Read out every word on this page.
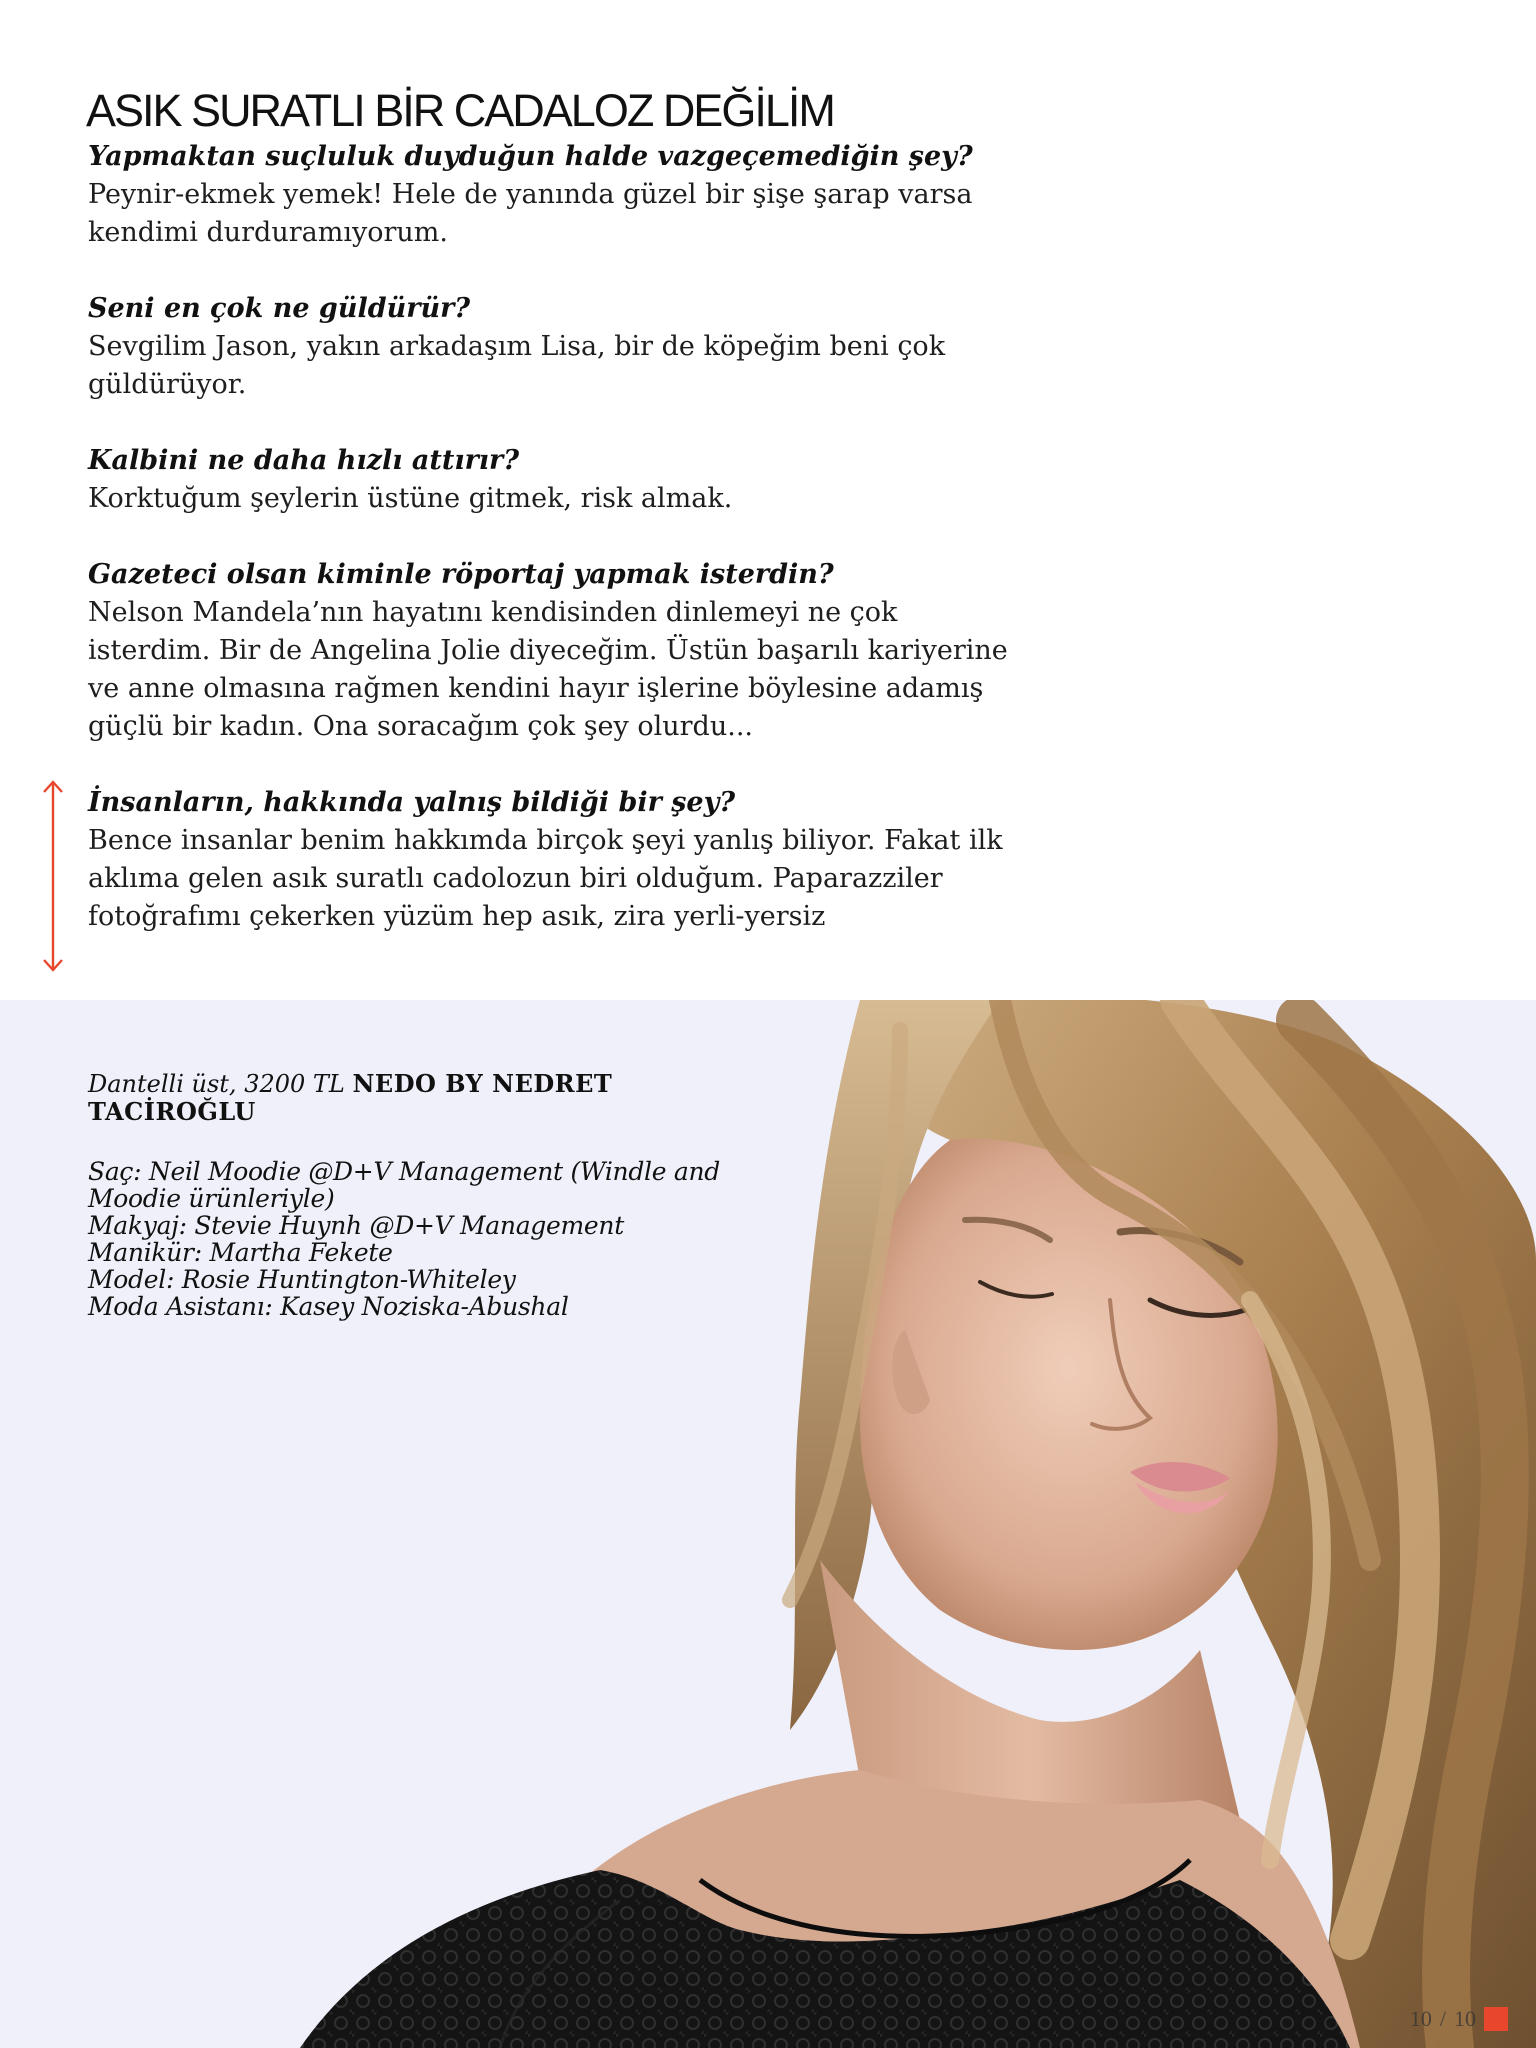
ASIK SURATLI BİR CADALOZ DEĞİLİM

Yapmaktan suçluluk duyduğun halde vazgeçemediğin şey?

Peynir-ekmek yemek! Hele de yanında güzel bir şişe şarap varsa kendimi durduramıyorum.

Seni en çok ne güldürür?

Sevgilim Jason, yakın arkadaşım Lisa, bir de köpeğim beni çok güldürüyor.

Kalbini ne daha hızlı attırır?

Korktuğum şeylerin üstüne gitmek, risk almak.

Gazeteci olsan kiminle röportaj yapmak isterdin?

Nelson Mandela’nın hayatını kendisinden dinlemeyi ne çok isterdim. Bir de Angelina Jolie diyeceğim. Üstün başarılı kariyerine ve anne olmasına rağmen kendini hayır işlerine böylesine adamış güçlü bir kadın. Ona soracağım çok şey olurdu...

İnsanların, hakkında yalnış bildiği bir şey?

Bence insanlar benim hakkımda birçok şeyi yanlış biliyor. Fakat ilk aklıma gelen asık suratlı cadolozun biri olduğum. Paparazziler fotoğrafımı çekerken yüzüm hep asık, zira yerli-yersiz

Dantelli üst, 3200 TL NEDO BY NEDRET TACİROĞLU

Saç: Neil Moodie @D+V Management (Windle and Moodie ürünleriyle)

Makyaj: Stevie Huynh @D+V Management

Manikür: Martha Fekete

Model: Rosie Huntington-Whiteley

Moda Asistanı: Kasey Noziska-Abushal

10 / 10
